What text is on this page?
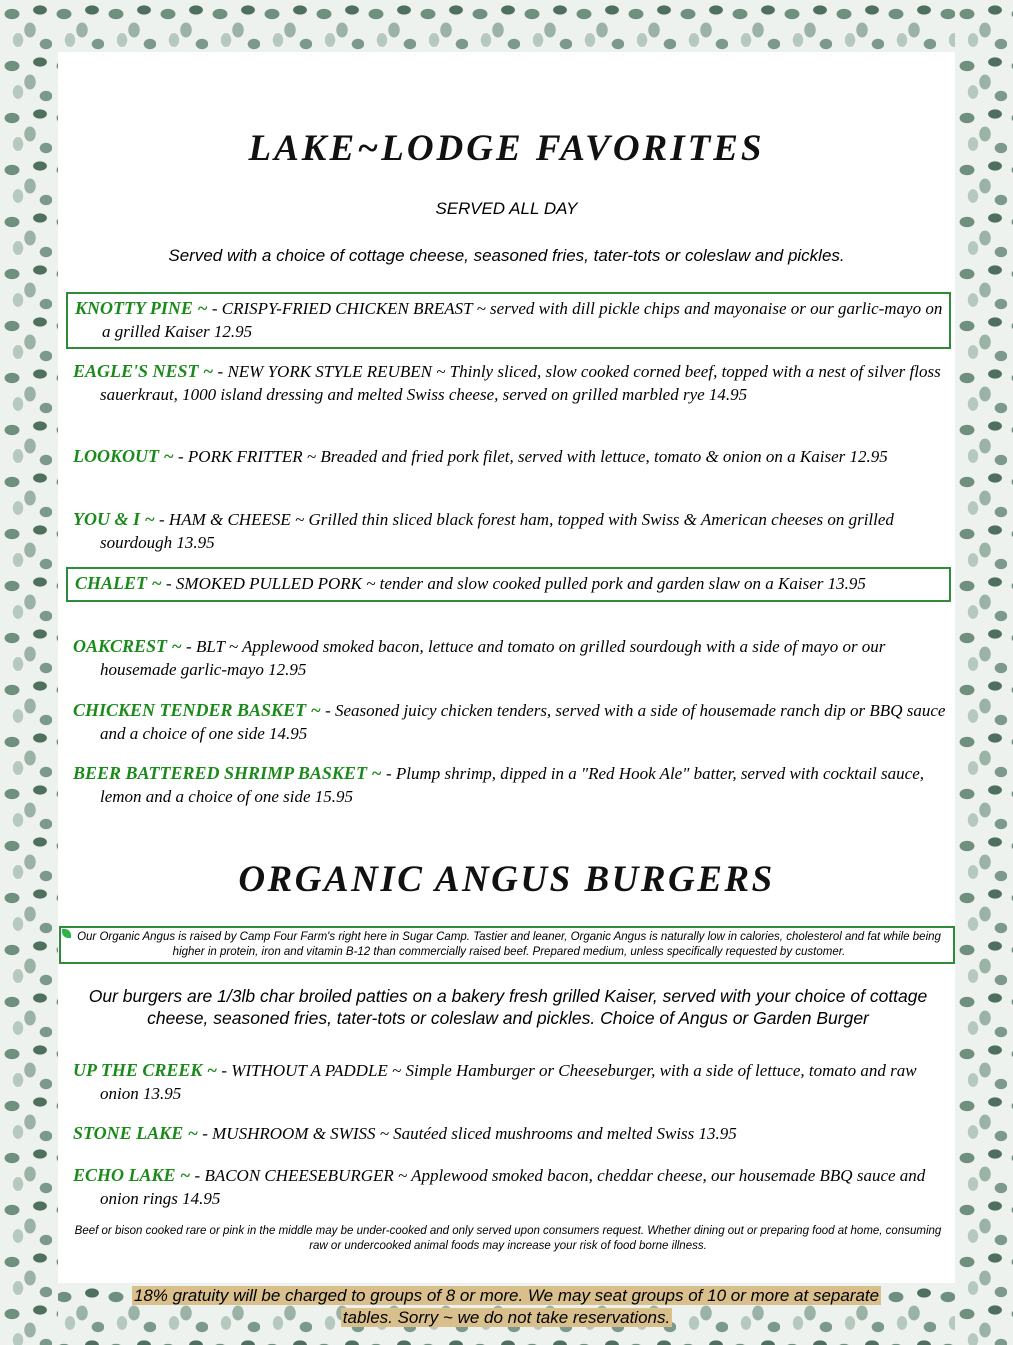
LAKE~LODGE FAVORITES
SERVED ALL DAY
Served with a choice of cottage cheese, seasoned fries, tater-tots or coleslaw and pickles.
KNOTTY PINE ~ - CRISPY-FRIED CHICKEN BREAST ~ served with dill pickle chips and mayonaise or our garlic-mayo on a grilled Kaiser 12.95
EAGLE'S NEST ~ - NEW YORK STYLE REUBEN ~ Thinly sliced, slow cooked corned beef, topped with a nest of silver floss sauerkraut, 1000 island dressing and melted Swiss cheese, served on grilled marbled rye 14.95
LOOKOUT ~ - PORK FRITTER ~ Breaded and fried pork filet, served with lettuce, tomato & onion on a Kaiser 12.95
YOU & I ~ - HAM & CHEESE ~ Grilled thin sliced black forest ham, topped with Swiss & American cheeses on grilled sourdough 13.95
CHALET ~ - SMOKED PULLED PORK ~ tender and slow cooked pulled pork and garden slaw on a Kaiser 13.95
OAKCREST ~ - BLT ~ Applewood smoked bacon, lettuce and tomato on grilled sourdough with a side of mayo or our housemade garlic-mayo 12.95
CHICKEN TENDER BASKET ~ - Seasoned juicy chicken tenders, served with a side of housemade ranch dip or BBQ sauce and a choice of one side 14.95
BEER BATTERED SHRIMP BASKET ~ - Plump shrimp, dipped in a "Red Hook Ale" batter, served with cocktail sauce, lemon and a choice of one side 15.95
ORGANIC ANGUS BURGERS
Our Organic Angus is raised by Camp Four Farm's right here in Sugar Camp. Tastier and leaner, Organic Angus is naturally low in calories, cholesterol and fat while being higher in protein, iron and vitamin B-12 than commercially raised beef. Prepared medium, unless specifically requested by customer.
Our burgers are 1/3lb char broiled patties on a bakery fresh grilled Kaiser, served with your choice of cottage cheese, seasoned fries, tater-tots or coleslaw and pickles. Choice of Angus or Garden Burger
UP THE CREEK ~ - WITHOUT A PADDLE ~ Simple Hamburger or Cheeseburger, with a side of lettuce, tomato and raw onion 13.95
STONE LAKE ~ - MUSHROOM & SWISS ~ Sautéed sliced mushrooms and melted Swiss 13.95
ECHO LAKE ~ - BACON CHEESEBURGER ~ Applewood smoked bacon, cheddar cheese, our housemade BBQ sauce and onion rings 14.95
Beef or bison cooked rare or pink in the middle may be under-cooked and only served upon consumers request. Whether dining out or preparing food at home, consuming raw or undercooked animal foods may increase your risk of food borne illness.
18% gratuity will be charged to groups of 8 or more. We may seat groups of 10 or more at separate
tables. Sorry ~ we do not take reservations.
